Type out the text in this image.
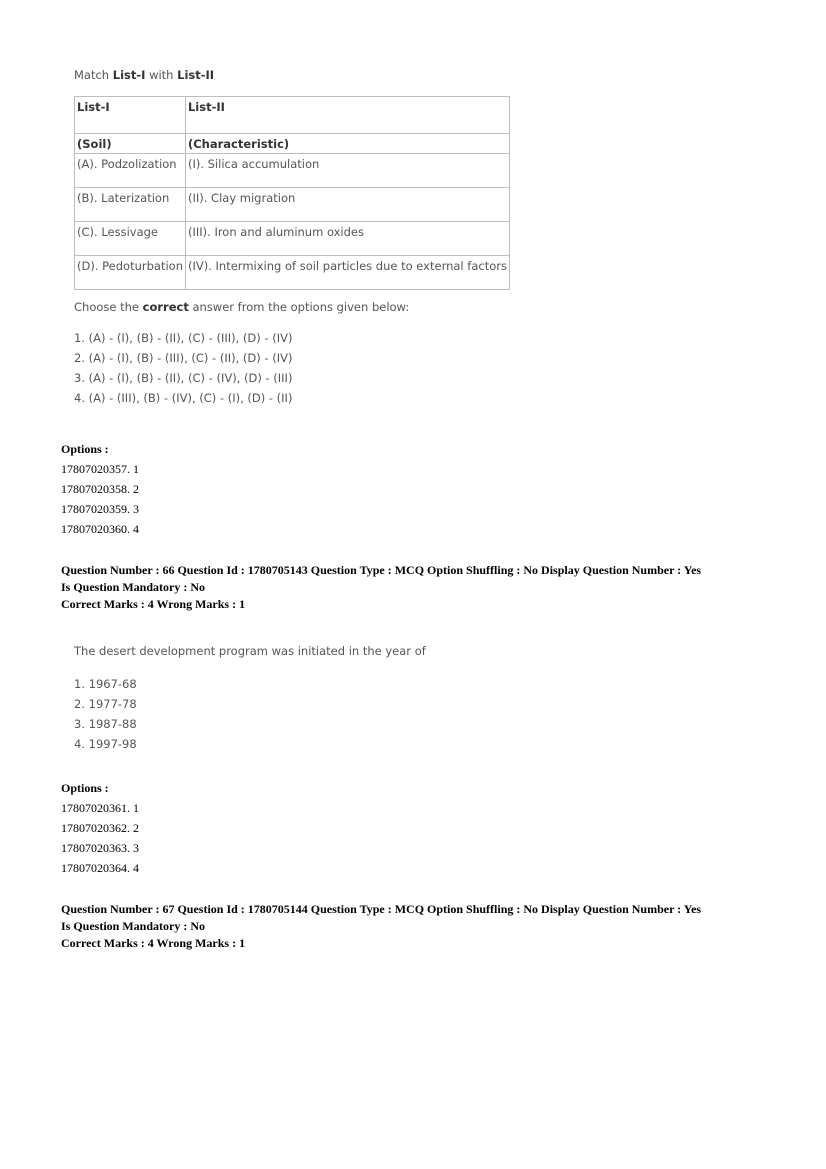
Match List-I with List-II

List-I	List-II
(Soil)	(Characteristic)
(A). Podzolization	(I). Silica accumulation
(B). Laterization	(II). Clay migration
(C). Lessivage	(III). Iron and aluminum oxides
(D). Pedoturbation	(IV). Intermixing of soil particles due to external factors

Choose the correct answer from the options given below:

1. (A) - (I), (B) - (II), (C) - (III), (D) - (IV)
2. (A) - (I), (B) - (III), (C) - (II), (D) - (IV)
3. (A) - (I), (B) - (II), (C) - (IV), (D) - (III)
4. (A) - (III), (B) - (IV), (C) - (I), (D) - (II)
Options :
17807020357. 1
17807020358. 2
17807020359. 3
17807020360. 4
Question Number : 66 Question Id : 1780705143 Question Type : MCQ Option Shuffling : No Display Question Number : Yes
Is Question Mandatory : No
Correct Marks : 4 Wrong Marks : 1

The desert development program was initiated in the year of

1. 1967-68
2. 1977-78
3. 1987-88
4. 1997-98
Options :
17807020361. 1
17807020362. 2
17807020363. 3
17807020364. 4
Question Number : 67 Question Id : 1780705144 Question Type : MCQ Option Shuffling : No Display Question Number : Yes
Is Question Mandatory : No
Correct Marks : 4 Wrong Marks : 1
